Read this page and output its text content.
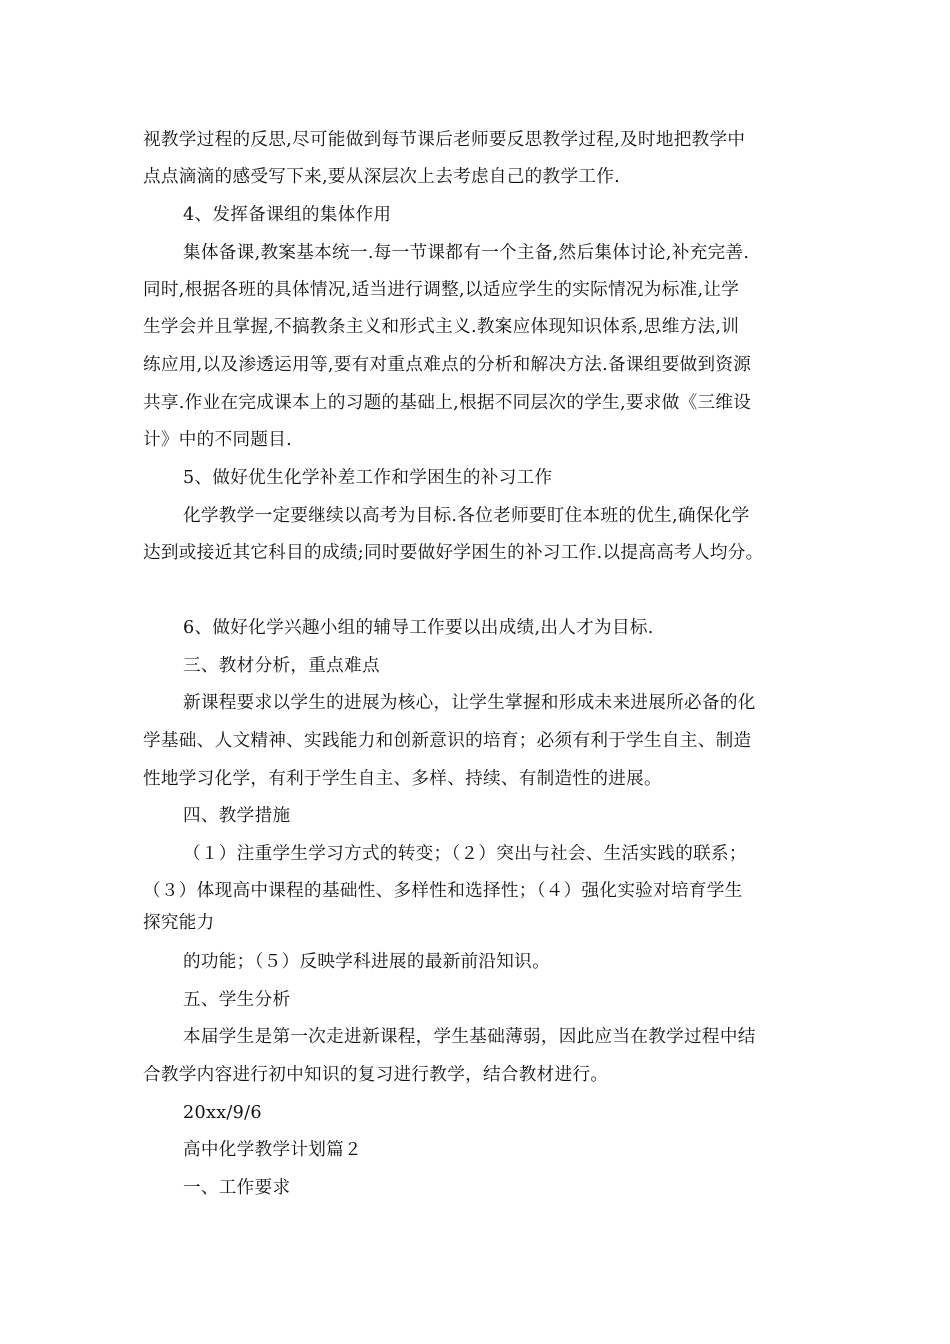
视教学过程的反思,尽可能做到每节课后老师要反思教学过程,及时地把教学中
点点滴滴的感受写下来,要从深层次上去考虑自己的教学工作.
4、发挥备课组的集体作用
集体备课,教案基本统一.每一节课都有一个主备,然后集体讨论,补充完善.
同时,根据各班的具体情况,适当进行调整,以适应学生的实际情况为标准,让学
生学会并且掌握,不搞教条主义和形式主义.教案应体现知识体系,思维方法,训
练应用,以及渗透运用等,要有对重点难点的分析和解决方法.备课组要做到资源
共享.作业在完成课本上的习题的基础上,根据不同层次的学生,要求做《三维设
计》中的不同题目.
5、做好优生化学补差工作和学困生的补习工作
化学教学一定要继续以高考为目标.各位老师要盯住本班的优生,确保化学
达到或接近其它科目的成绩;同时要做好学困生的补习工作.以提高高考人均分。
6、做好化学兴趣小组的辅导工作要以出成绩,出人才为目标.
三、教材分析，重点难点
新课程要求以学生的进展为核心，让学生掌握和形成未来进展所必备的化
学基础、人文精神、实践能力和创新意识的培育；必须有利于学生自主、制造
性地学习化学，有利于学生自主、多样、持续、有制造性的进展。
四、教学措施
（１）注重学生学习方式的转变；（２）突出与社会、生活实践的联系；
（３）体现高中课程的基础性、多样性和选择性；（４）强化实验对培育学生
探究能力
的功能；（５）反映学科进展的最新前沿知识。
五、学生分析
本届学生是第一次走进新课程，学生基础薄弱，因此应当在教学过程中结
合教学内容进行初中知识的复习进行教学，结合教材进行。
20xx/9/6
高中化学教学计划篇２
一、工作要求
